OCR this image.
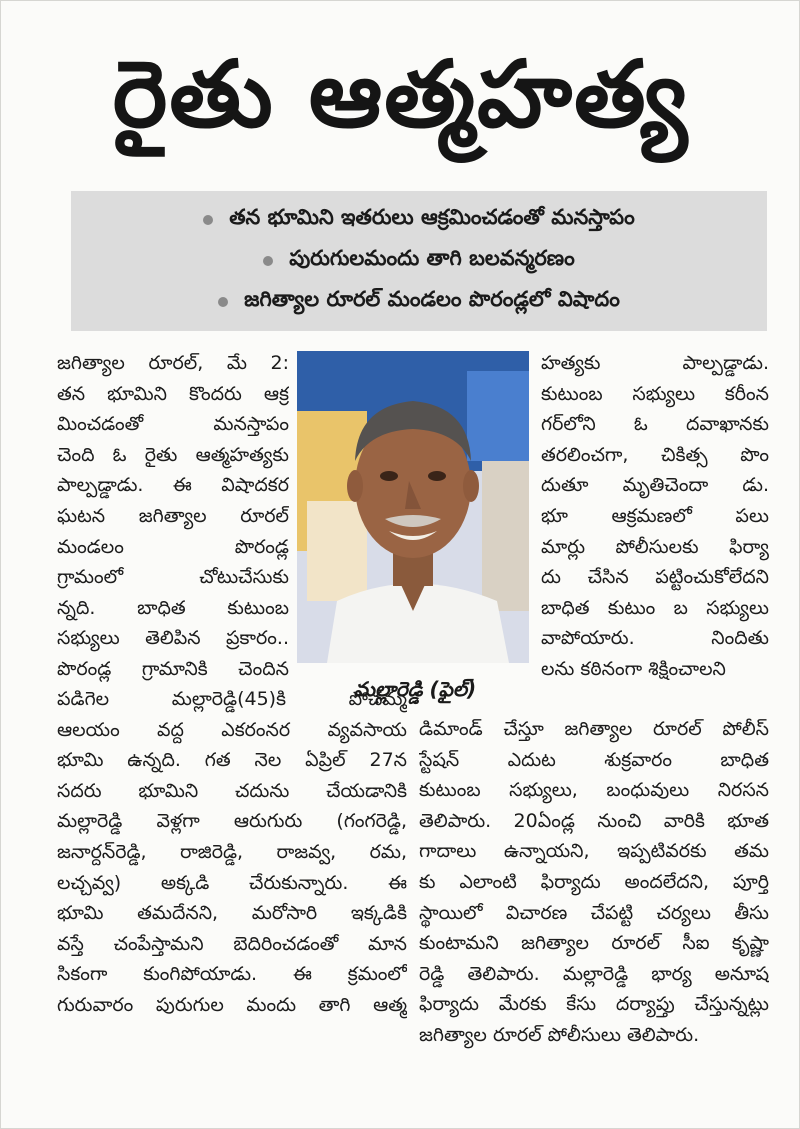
రైతు ఆత్మహత్య
తన భూమిని ఇతరులు ఆక్రమించడంతో మనస్తాపం
పురుగులమందు తాగి బలవన్మరణం
జగిత్యాల రూరల్ మండలం పొరండ్లలో విషాదం
జగిత్యాల రూరల్, మే 2:
తన భూమిని కొందరు ఆక్ర
మించడంతో మనస్తాపం
చెంది ఓ రైతు ఆత్మహత్యకు
పాల్పడ్డాడు. ఈ విషాదకర
ఘటన జగిత్యాల రూరల్
మండలం పొరండ్ల
గ్రామంలో చోటుచేసుకు
న్నది. బాధిత కుటుంబ
సభ్యులు తెలిపిన ప్రకారం..
పొరండ్ల గ్రామానికి చెందిన
పడిగెల మల్లారెడ్డి(45)కి పోచమ్మ
ఆలయం వద్ద ఎకరంనర వ్యవసాయ
భూమి ఉన్నది. గత నెల ఏప్రిల్ 27న
సదరు భూమిని చదును చేయడానికి
మల్లారెడ్డి వెళ్లగా ఆరుగురు (గంగరెడ్డి,
జనార్దన్‌రెడ్డి, రాజిరెడ్డి, రాజవ్వ, రమ,
లచ్చవ్వ) అక్కడి చేరుకున్నారు. ఈ
భూమి తమదేనని, మరోసారి ఇక్కడికి
వస్తే చంపేస్తామని బెదిరించడంతో మాన
సికంగా కుంగిపోయాడు. ఈ క్రమంలో
గురువారం పురుగుల మందు తాగి ఆత్మ
మల్లారెడ్డి (ఫైల్)
హత్యకు పాల్పడ్డాడు.
కుటుంబ సభ్యులు కరీంన
గర్‌లోని ఓ దవాఖానకు
తరలించగా, చికిత్స పొం
దుతూ మృతిచెందా డు.
భూ ఆక్రమణలో పలు
మార్లు పోలీసులకు ఫిర్యా
దు చేసిన పట్టించుకోలేదని
బాధిత కుటుం బ సభ్యులు
వాపోయారు. నిందితు
లను కఠినంగా శిక్షించాలని
డిమాండ్ చేస్తూ జగిత్యాల రూరల్ పోలీస్
స్టేషన్ ఎదుట శుక్రవారం బాధిత
కుటుంబ సభ్యులు, బంధువులు నిరసన
తెలిపారు. 20ఏండ్ల నుంచి వారికి భూత
గాదాలు ఉన్నాయని, ఇప్పటివరకు తమ
కు ఎలాంటి ఫిర్యాదు అందలేదని, పూర్తి
స్థాయిలో విచారణ చేపట్టి చర్యలు తీసు
కుంటామని జగిత్యాల రూరల్ సీఐ కృష్ణా
రెడ్డి తెలిపారు. మల్లారెడ్డి భార్య అనూష
ఫిర్యాదు మేరకు కేసు దర్యాప్తు చేస్తున్నట్లు
జగిత్యాల రూరల్ పోలీసులు తెలిపారు.
